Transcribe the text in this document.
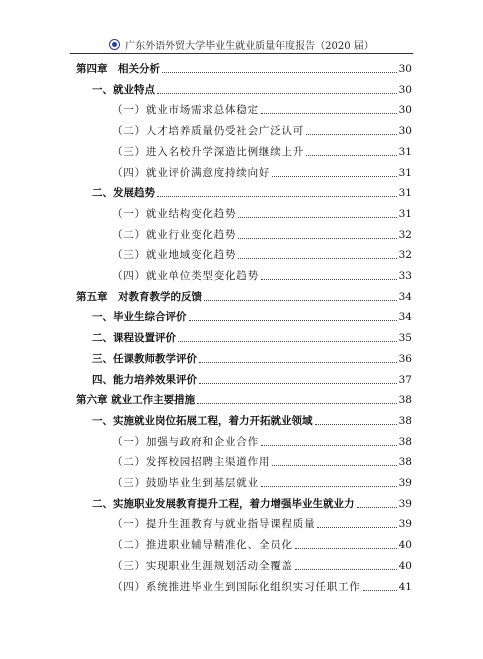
广东外语外贸大学毕业生就业质量年度报告（2020 届）
第四章　相关分析	30
一、就业特点	30
（一）就业市场需求总体稳定	30
（二）人才培养质量仍受社会广泛认可	30
（三）进入名校升学深造比例继续上升	31
（四）就业评价满意度持续向好	31
二、发展趋势	31
（一）就业结构变化趋势	31
（二）就业行业变化趋势	32
（三）就业地域变化趋势	32
（四）就业单位类型变化趋势	33
第五章　对教育教学的反馈	34
一、毕业生综合评价	34
二、课程设置评价	35
三、任课教师教学评价	36
四、能力培养效果评价	37
第六章 就业工作主要措施	38
一、实施就业岗位拓展工程，着力开拓就业领域	38
（一）加强与政府和企业合作	38
（二）发挥校园招聘主渠道作用	38
（三）鼓励毕业生到基层就业	39
二、实施职业发展教育提升工程，着力增强毕业生就业力	39
（一）提升生涯教育与就业指导课程质量	39
（二）推进职业辅导精准化、全员化	40
（三）实现职业生涯规划活动全覆盖	40
（四）系统推进毕业生到国际化组织实习任职工作	41
